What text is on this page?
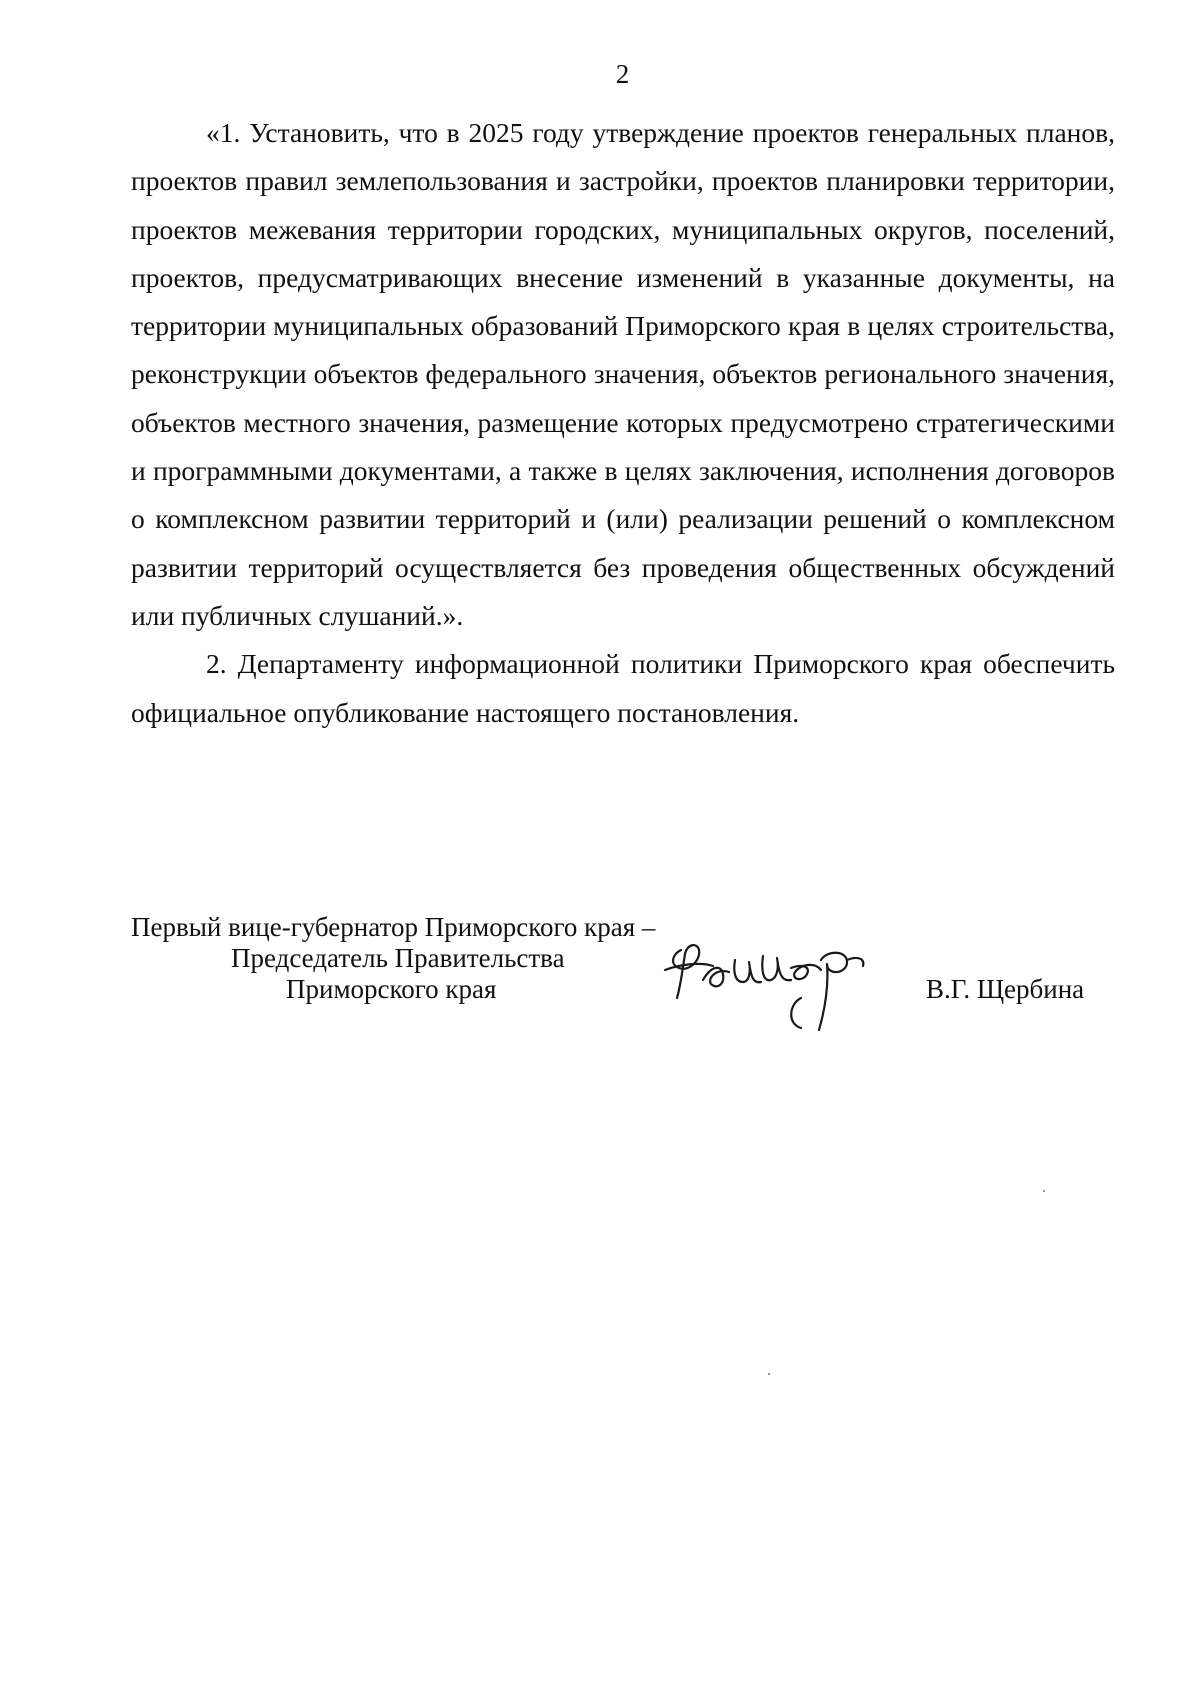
2

«1. Установить, что в 2025 году утверждение проектов генеральных планов, проектов правил землепользования и застройки, проектов планировки территории, проектов межевания территории городских, муниципальных округов, поселений, проектов, предусматривающих внесение изменений в указанные документы, на территории муниципальных образований Приморского края в целях строительства, реконструкции объектов федерального значения, объектов регионального значения, объектов местного значения, размещение которых предусмотрено стратегическими и программными документами, а также в целях заключения, исполнения договоров о комплексном развитии территорий и (или) реализации решений о комплексном развитии территорий осуществляется без проведения общественных обсуждений или публичных слушаний.».

2. Департаменту информационной политики Приморского края обеспечить официальное опубликование настоящего постановления.

Первый вице-губернатор Приморского края –
Председатель Правительства
Приморского края	В.Г. Щербина
